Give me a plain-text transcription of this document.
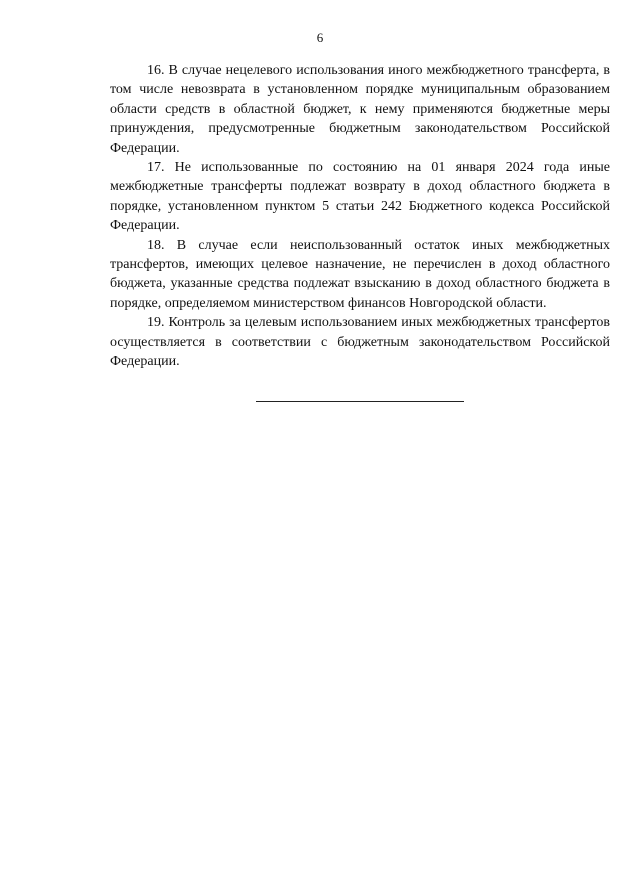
6

16. В случае нецелевого использования иного межбюджетного трансферта, в том числе невозврата в установленном порядке муниципальным образованием области средств в областной бюджет, к нему применяются бюджетные меры принуждения, предусмотренные бюджетным законодательством Российской Федерации.

17. Не использованные по состоянию на 01 января 2024 года иные межбюджетные трансферты подлежат возврату в доход областного бюджета в порядке, установленном пунктом 5 статьи 242 Бюджетного кодекса Российской Федерации.

18. В случае если неиспользованный остаток иных межбюджетных трансфертов, имеющих целевое назначение, не перечислен в доход областного бюджета, указанные средства подлежат взысканию в доход областного бюджета в порядке, определяемом министерством финансов Новгородской области.

19. Контроль за целевым использованием иных межбюджетных трансфертов осуществляется в соответствии с бюджетным законодательством Российской Федерации.
